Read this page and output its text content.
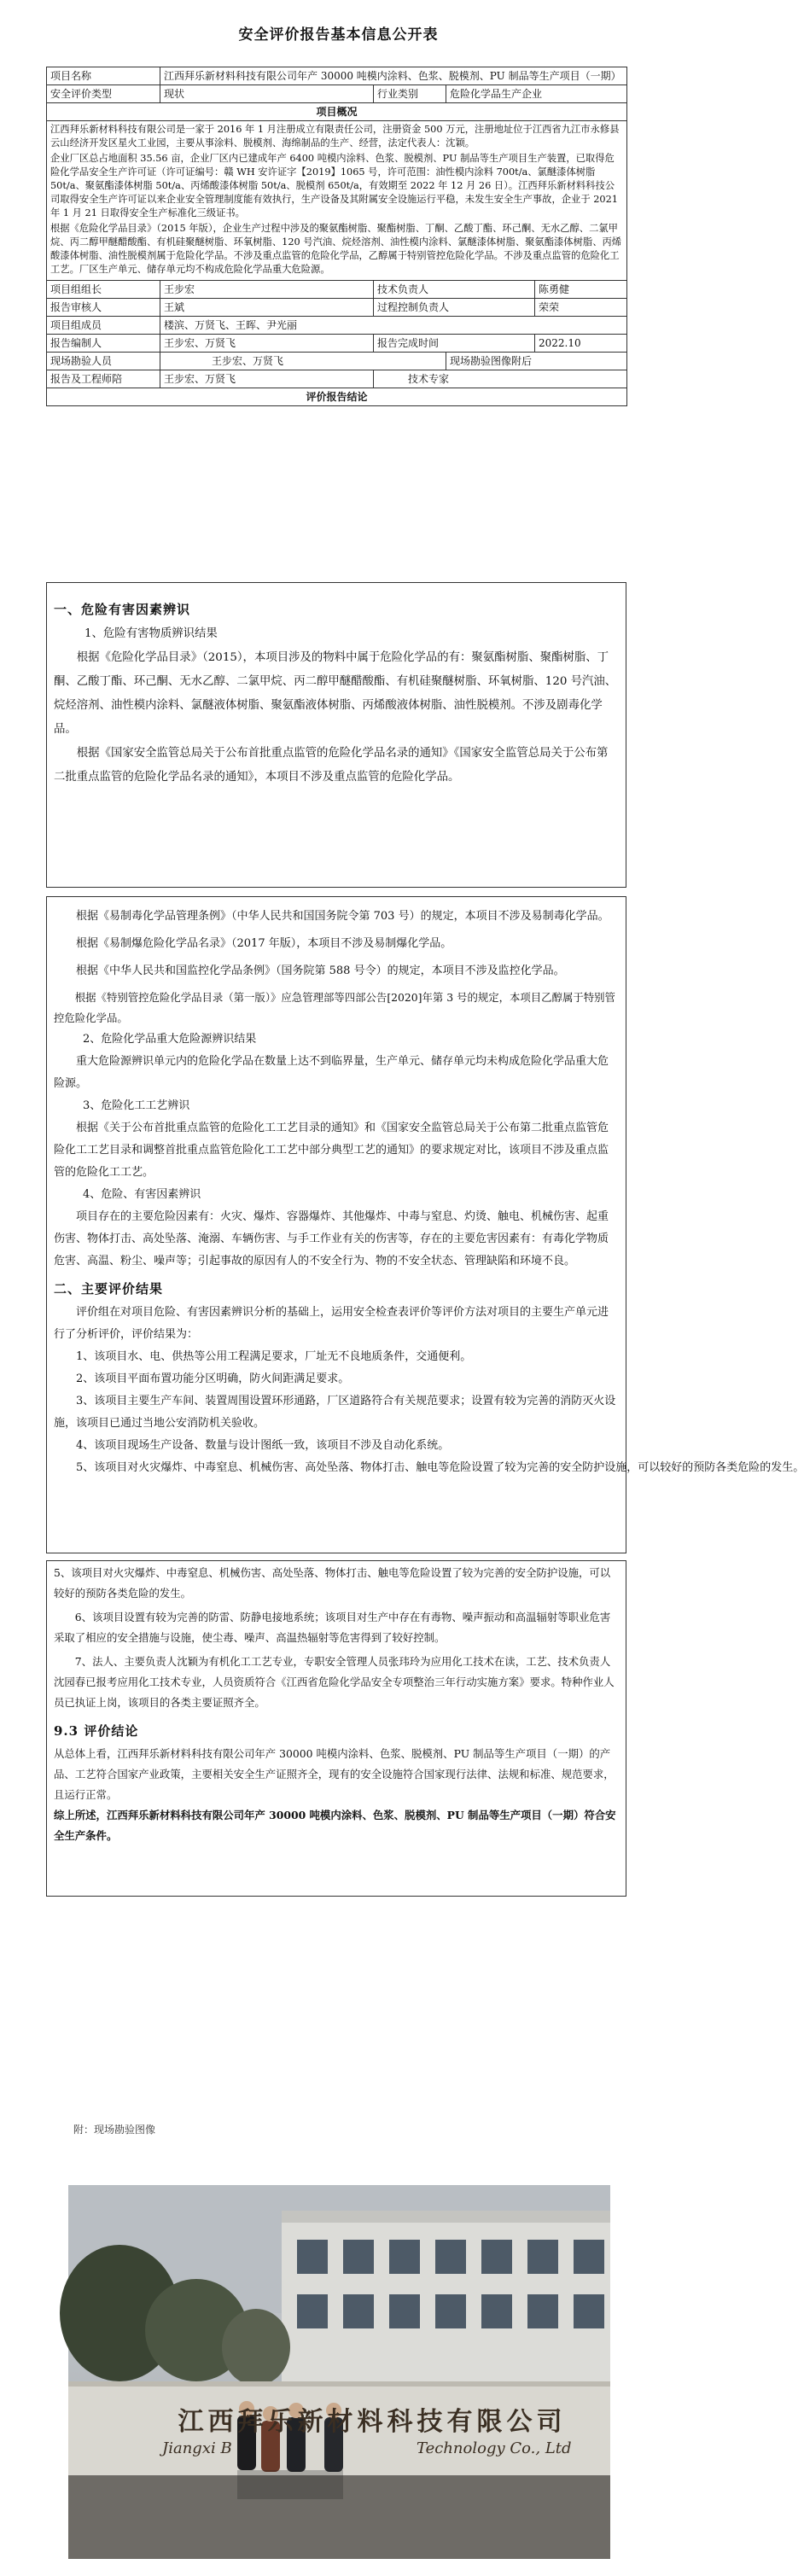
安全评价报告基本信息公开表
项目名称	江西拜乐新材料科技有限公司年产 30000 吨模内涂料、色浆、脱模剂、PU 制品等生产项目（一期）			
安全评价类型	现状	行业类别	危险化学品生产企业	
项目概况				

江西拜乐新材料科技有限公司是一家于 2016 年 1 月注册成立有限责任公司，注册资金 500 万元，注册地址位于江西省九江市永修县云山经济开发区星火工业园，主要从事涂料、脱模剂、海绵制品的生产、经营，法定代表人：沈颖。

企业厂区总占地面积 35.56 亩，企业厂区内已建成年产 6400 吨模内涂料、色浆、脱模剂、PU 制品等生产项目生产装置，已取得危险化学品安全生产许可证（许可证编号：赣 WH 安许证字【2019】1065 号，许可范围：油性模内涂料 700t/a、氯醚漆体树脂 50t/a、聚氨酯漆体树脂 50t/a、丙烯酸漆体树脂 50t/a、脱模剂 650t/a，有效期至 2022 年 12 月 26 日）。江西拜乐新材料科技公司取得安全生产许可证以来企业安全管理制度能有效执行，生产设备及其附属安全设施运行平稳，未发生安全生产事故，企业于 2021 年 1 月 21 日取得安全生产标准化三级证书。

根据《危险化学品目录》（2015 年版），企业生产过程中涉及的聚氨酯树脂、聚酯树脂、丁酮、乙酸丁酯、环己酮、无水乙醇、二氯甲烷、丙二醇甲醚醋酸酯、有机硅聚醚树脂、环氧树脂、120 号汽油、烷烃溶剂、油性模内涂料、氯醚漆体树脂、聚氨酯漆体树脂、丙烯酸漆体树脂、油性脱模剂属于危险化学品。不涉及重点监管的危险化学品，乙醇属于特别管控危险化学品。不涉及重点监管的危险化工工艺。厂区生产单元、储存单元均不构成危险化学品重大危险源。				

项目组组长	王步宏	技术负责人		陈勇健
报告审核人	王斌	过程控制负责人		荣荣
项目组成员	楼滨、万贤飞、王晖、尹光丽			
报告编制人	王步宏、万贤飞	报告完成时间		2022.10
现场勘验人员	王步宏、万贤飞		现场勘验图像附后	
报告及工程师陪	王步宏、万贤飞	技术专家		
评价报告结论				

一、危险有害因素辨识

1、危险有害物质辨识结果

根据《危险化学品目录》（2015），本项目涉及的物料中属于危险化学品的有：聚氨酯树脂、聚酯树脂、丁酮、乙酸丁酯、环己酮、无水乙醇、二氯甲烷、丙二醇甲醚醋酸酯、有机硅聚醚树脂、环氧树脂、120 号汽油、烷烃溶剂、油性模内涂料、氯醚液体树脂、聚氨酯液体树脂、丙烯酸液体树脂、油性脱模剂。不涉及剧毒化学品。

根据《国家安全监管总局关于公布首批重点监管的危险化学品名录的通知》《国家安全监管总局关于公布第二批重点监管的危险化学品名录的通知》，本项目不涉及重点监管的危险化学品。

根据《易制毒化学品管理条例》（中华人民共和国国务院令第 703 号）的规定，本项目不涉及易制毒化学品。

根据《易制爆危险化学品名录》（2017 年版），本项目不涉及易制爆化学品。

根据《中华人民共和国监控化学品条例》（国务院第 588 号令）的规定，本项目不涉及监控化学品。

根据《特别管控危险化学品目录（第一版）》应急管理部等四部公告[2020]年第 3 号的规定，本项目乙醇属于特别管控危险化学品。

2、危险化学品重大危险源辨识结果

重大危险源辨识单元内的危险化学品在数量上达不到临界量，生产单元、储存单元均未构成危险化学品重大危险源。

3、危险化工工艺辨识

根据《关于公布首批重点监管的危险化工工艺目录的通知》和《国家安全监管总局关于公布第二批重点监管危险化工工艺目录和调整首批重点监管危险化工工艺中部分典型工艺的通知》的要求规定对比，该项目不涉及重点监管的危险化工工艺。

4、危险、有害因素辨识

项目存在的主要危险因素有：火灾、爆炸、容器爆炸、其他爆炸、中毒与窒息、灼烫、触电、机械伤害、起重伤害、物体打击、高处坠落、淹溺、车辆伤害、与手工作业有关的伤害等，存在的主要危害因素有：有毒化学物质危害、高温、粉尘、噪声等；引起事故的原因有人的不安全行为、物的不安全状态、管理缺陷和环境不良。

二、主要评价结果

评价组在对项目危险、有害因素辨识分析的基础上，运用安全检查表评价等评价方法对项目的主要生产单元进行了分析评价，评价结果为：

1、该项目水、电、供热等公用工程满足要求，厂址无不良地质条件，交通便利。

2、该项目平面布置功能分区明确，防火间距满足要求。

3、该项目主要生产车间、装置周围设置环形通路，厂区道路符合有关规范要求；设置有较为完善的消防灭火设施，该项目已通过当地公安消防机关验收。

4、该项目现场生产设备、数量与设计图纸一致，该项目不涉及自动化系统。

5、该项目对火灾爆炸、中毒窒息、机械伤害、高处坠落、物体打击、触电等危险设置了较为完善的安全防护设施，可以较好的预防各类危险的发生。

5、该项目对火灾爆炸、中毒窒息、机械伤害、高处坠落、物体打击、触电等危险设置了较为完善的安全防护设施，可以较好的预防各类危险的发生。

6、该项目设置有较为完善的防雷、防静电接地系统；该项目对生产中存在有毒物、噪声振动和高温辐射等职业危害采取了相应的安全措施与设施，使尘毒、噪声、高温热辐射等危害得到了较好控制。

7、法人、主要负责人沈颖为有机化工工艺专业，专职安全管理人员张玮玲为应用化工技术在读，工艺、技术负责人沈园春已报考应用化工技术专业，人员资质符合《江西省危险化学品安全专项整治三年行动实施方案》要求。特种作业人员已执证上岗，该项目的各类主要证照齐全。

9.3 评价结论

从总体上看，江西拜乐新材料科技有限公司年产 30000 吨模内涂料、色浆、脱模剂、PU 制品等生产项目（一期）的产品、工艺符合国家产业政策，主要相关安全生产证照齐全，现有的安全设施符合国家现行法律、法规和标准、规范要求，且运行正常。

综上所述，江西拜乐新材料科技有限公司年产 30000 吨模内涂料、色浆、脱模剂、PU 制品等生产项目（一期）符合安全生产条件。

附：现场勘验图像
江西拜乐新材料科技有限公司
Jiangxi B	Technology Co., Ltd
